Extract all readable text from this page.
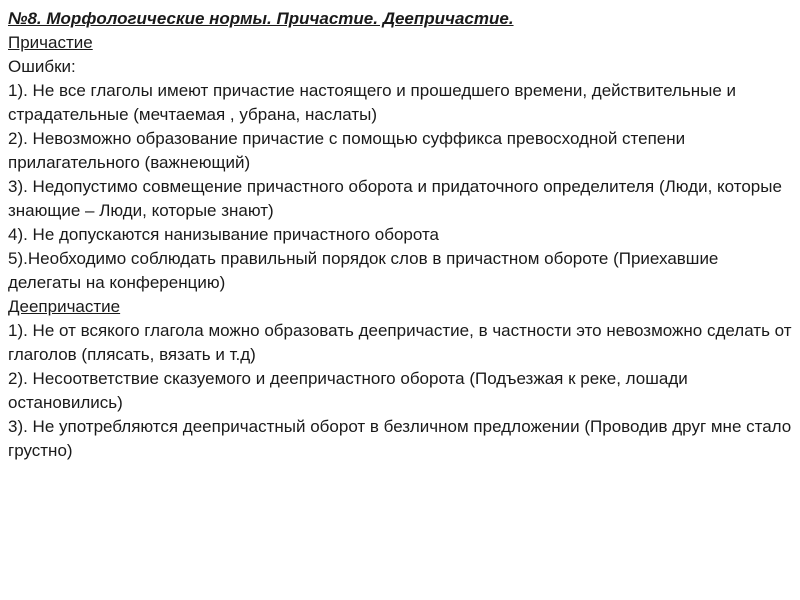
№8. Морфологические нормы. Причастие. Деепричастие.
Причастие
Ошибки:
1). Не все глаголы имеют причастие настоящего и прошедшего времени, действительные и страдательные (мечтаемая , убрана, наслаты)
2). Невозможно образование причастие с помощью суффикса превосходной степени прилагательного (важнеющий)
3). Недопустимо совмещение причастного оборота и придаточного определителя (Люди, которые знающие – Люди, которые знают)
4). Не допускаются нанизывание причастного оборота
5).Необходимо соблюдать правильный порядок слов в причастном обороте (Приехавшие делегаты на конференцию)
Деепричастие
1). Не от всякого глагола можно образовать деепричастие, в частности это невозможно сделать от глаголов (плясать, вязать и т.д)
2). Несоответствие сказуемого и деепричастного оборота (Подъезжая к реке, лошади остановились)
3). Не употребляются деепричастный оборот в безличном предложении (Проводив друг мне стало грустно)
